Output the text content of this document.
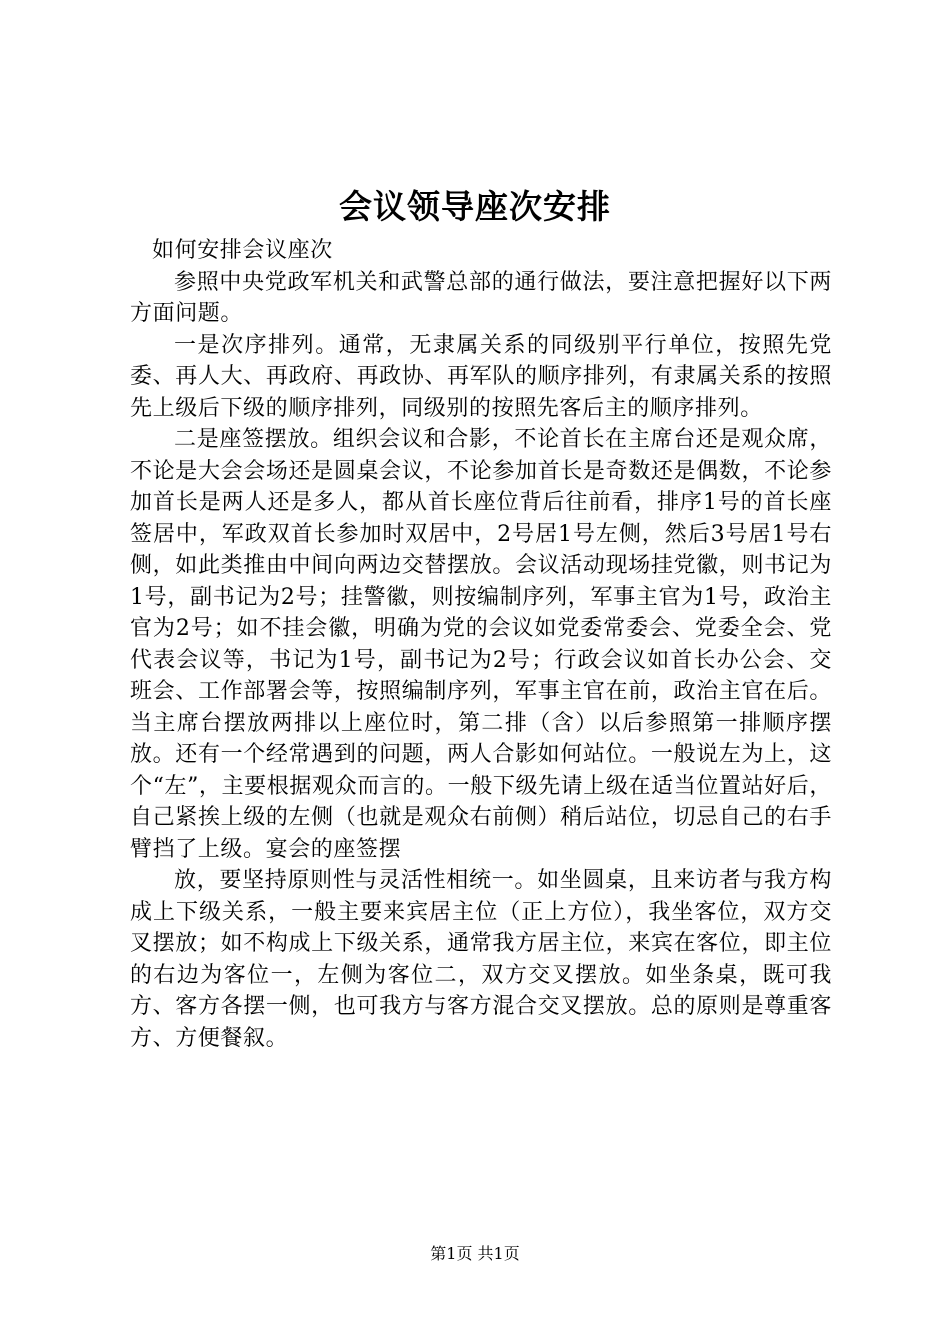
会议领导座次安排

如何安排会议座次

参照中央党政军机关和武警总部的通行做法，要注意把握好以下两方面问题。

一是次序排列。通常，无隶属关系的同级别平行单位，按照先党委、再人大、再政府、再政协、再军队的顺序排列，有隶属关系的按照先上级后下级的顺序排列，同级别的按照先客后主的顺序排列。

二是座签摆放。组织会议和合影，不论首长在主席台还是观众席，不论是大会会场还是圆桌会议，不论参加首长是奇数还是偶数，不论参加首长是两人还是多人，都从首长座位背后往前看，排序1号的首长座签居中，军政双首长参加时双居中，2号居1号左侧，然后3号居1号右侧，如此类推由中间向两边交替摆放。会议活动现场挂党徽，则书记为1号，副书记为2号；挂警徽，则按编制序列，军事主官为1号，政治主官为2号；如不挂会徽，明确为党的会议如党委常委会、党委全会、党代表会议等，书记为1号，副书记为2号；行政会议如首长办公会、交班会、工作部署会等，按照编制序列，军事主官在前，政治主官在后。当主席台摆放两排以上座位时，第二排（含）以后参照第一排顺序摆放。还有一个经常遇到的问题，两人合影如何站位。一般说左为上，这个“左”，主要根据观众而言的。一般下级先请上级在适当位置站好后，自己紧挨上级的左侧（也就是观众右前侧）稍后站位，切忌自己的右手臂挡了上级。宴会的座签摆

放，要坚持原则性与灵活性相统一。如坐圆桌，且来访者与我方构成上下级关系，一般主要来宾居主位（正上方位），我坐客位，双方交叉摆放；如不构成上下级关系，通常我方居主位，来宾在客位，即主位的右边为客位一，左侧为客位二，双方交叉摆放。如坐条桌，既可我方、客方各摆一侧，也可我方与客方混合交叉摆放。总的原则是尊重客方、方便餐叙。

第1页 共1页
